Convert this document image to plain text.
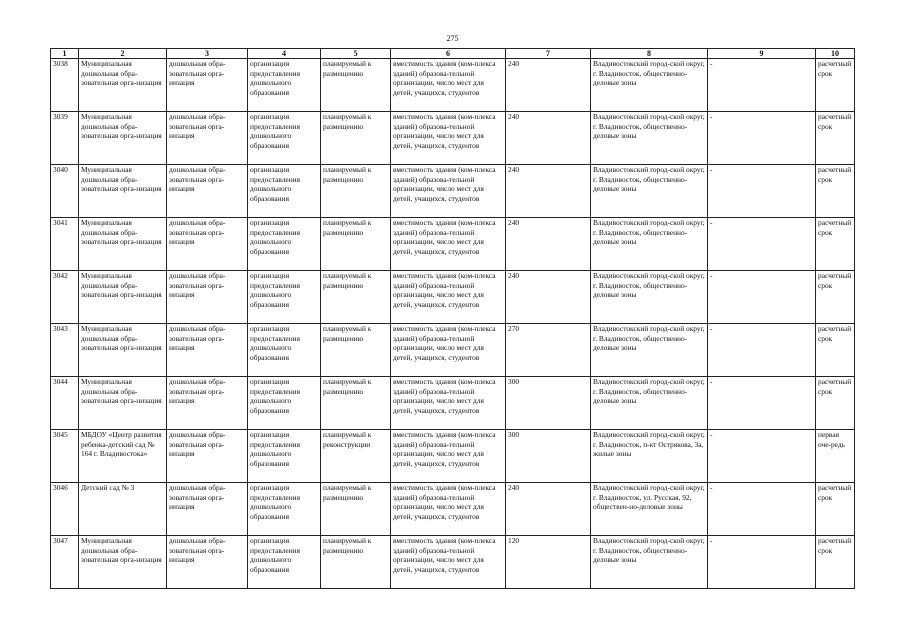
275
1	2	3	4	5	6	7	8	9	10
3038	Муниципальная дошкольная обра-зовательная орга-низация	дошкольная обра-зовательная орга-низация	организация предоставления дошкольного образования	планируемый к размещению	вместимость здания (ком-плекса зданий) образова-тельной организации, число мест для детей, учащихся, студентов	240	Владивостокский город-ской округ, г. Владивосток, общественно-деловые зоны	-	расчетный срок
3039	Муниципальная дошкольная обра-зовательная орга-низация	дошкольная обра-зовательная орга-низация	организация предоставления дошкольного образования	планируемый к размещению	вместимость здания (ком-плекса зданий) образова-тельной организации, число мест для детей, учащихся, студентов	240	Владивостокский город-ской округ, г. Владивосток, общественно-деловые зоны	-	расчетный срок
3040	Муниципальная дошкольная обра-зовательная орга-низация	дошкольная обра-зовательная орга-низация	организация предоставления дошкольного образования	планируемый к размещению	вместимость здания (ком-плекса зданий) образова-тельной организации, число мест для детей, учащихся, студентов	240	Владивостокский город-ской округ, г. Владивосток, общественно-деловые зоны	-	расчетный срок
3041	Муниципальная дошкольная обра-зовательная орга-низация	дошкольная обра-зовательная орга-низация	организация предоставления дошкольного образования	планируемый к размещению	вместимость здания (ком-плекса зданий) образова-тельной организации, число мест для детей, учащихся, студентов	240	Владивостокский город-ской округ, г. Владивосток, общественно-деловые зоны	-	расчетный срок
3042	Муниципальная дошкольная обра-зовательная орга-низация	дошкольная обра-зовательная орга-низация	организация предоставления дошкольного образования	планируемый к размещению	вместимость здания (ком-плекса зданий) образова-тельной организации, число мест для детей, учащихся, студентов	240	Владивостокский город-ской округ, г. Владивосток, общественно-деловые зоны	-	расчетный срок
3043	Муниципальная дошкольная обра-зовательная орга-низация	дошкольная обра-зовательная орга-низация	организация предоставления дошкольного образования	планируемый к размещению	вместимость здания (ком-плекса зданий) образова-тельной организации, число мест для детей, учащихся, студентов	270	Владивостокский город-ской округ, г. Владивосток, общественно-деловые зоны	-	расчетный срок
3044	Муниципальная дошкольная обра-зовательная орга-низация	дошкольная обра-зовательная орга-низация	организация предоставления дошкольного образования	планируемый к размещению	вместимость здания (ком-плекса зданий) образова-тельной организации, число мест для детей, учащихся, студентов	300	Владивостокский город-ской округ, г. Владивосток, общественно-деловые зоны	-	расчетный срок
3045	МБДОУ «Центр развития ребенка-детский сад № 164 г. Владивостока»	дошкольная обра-зовательная орга-низация	организация предоставления дошкольного образования	планируемый к реконструкции	вместимость здания (ком-плекса зданий) образова-тельной организации, число мест для детей, учащихся, студентов	300	Владивостокский город-ской округ, г. Владивосток, п-кт Острякова, 3а, жилые зоны	-	первая оче-редь
3046	Детский сад № 3	дошкольная обра-зовательная орга-низация	организация предоставления дошкольного образования	планируемый к размещению	вместимость здания (ком-плекса зданий) образова-тельной организации, число мест для детей, учащихся, студентов	240	Владивостокский город-ской округ, г. Владивосток, ул. Русская, 92, обществен-но-деловые зоны	-	расчетный срок
3047	Муниципальная дошкольная обра-зовательная орга-низация	дошкольная обра-зовательная орга-низация	организация предоставления дошкольного образования	планируемый к размещению	вместимость здания (ком-плекса зданий) образова-тельной организации, число мест для детей, учащихся, студентов	120	Владивостокский город-ской округ, г. Владивосток, общественно-деловые зоны	-	расчетный срок
